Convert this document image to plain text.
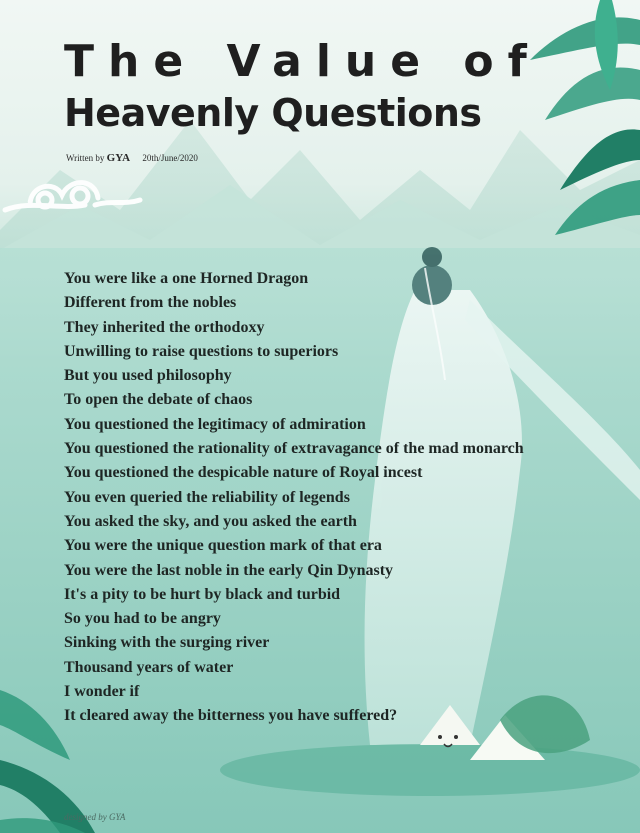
The Value of
Heavenly Questions
Written by GYA 20th/June/2020
You were like a one Horned Dragon
Different from the nobles
They inherited the orthodoxy
Unwilling to raise questions to superiors
But you used philosophy
To open the debate of chaos
You questioned the legitimacy of admiration
You questioned the rationality of extravagance of the mad monarch
You questioned the despicable nature of Royal incest
You even queried the reliability of legends
You asked the sky, and you asked the earth
You were the unique question mark of that era
You were the last noble in the early Qin Dynasty
It's a pity to be hurt by black and turbid
So you had to be angry
Sinking with the surging river
Thousand years of water
I wonder if
It cleared away the bitterness you have suffered?
designed by GYA
